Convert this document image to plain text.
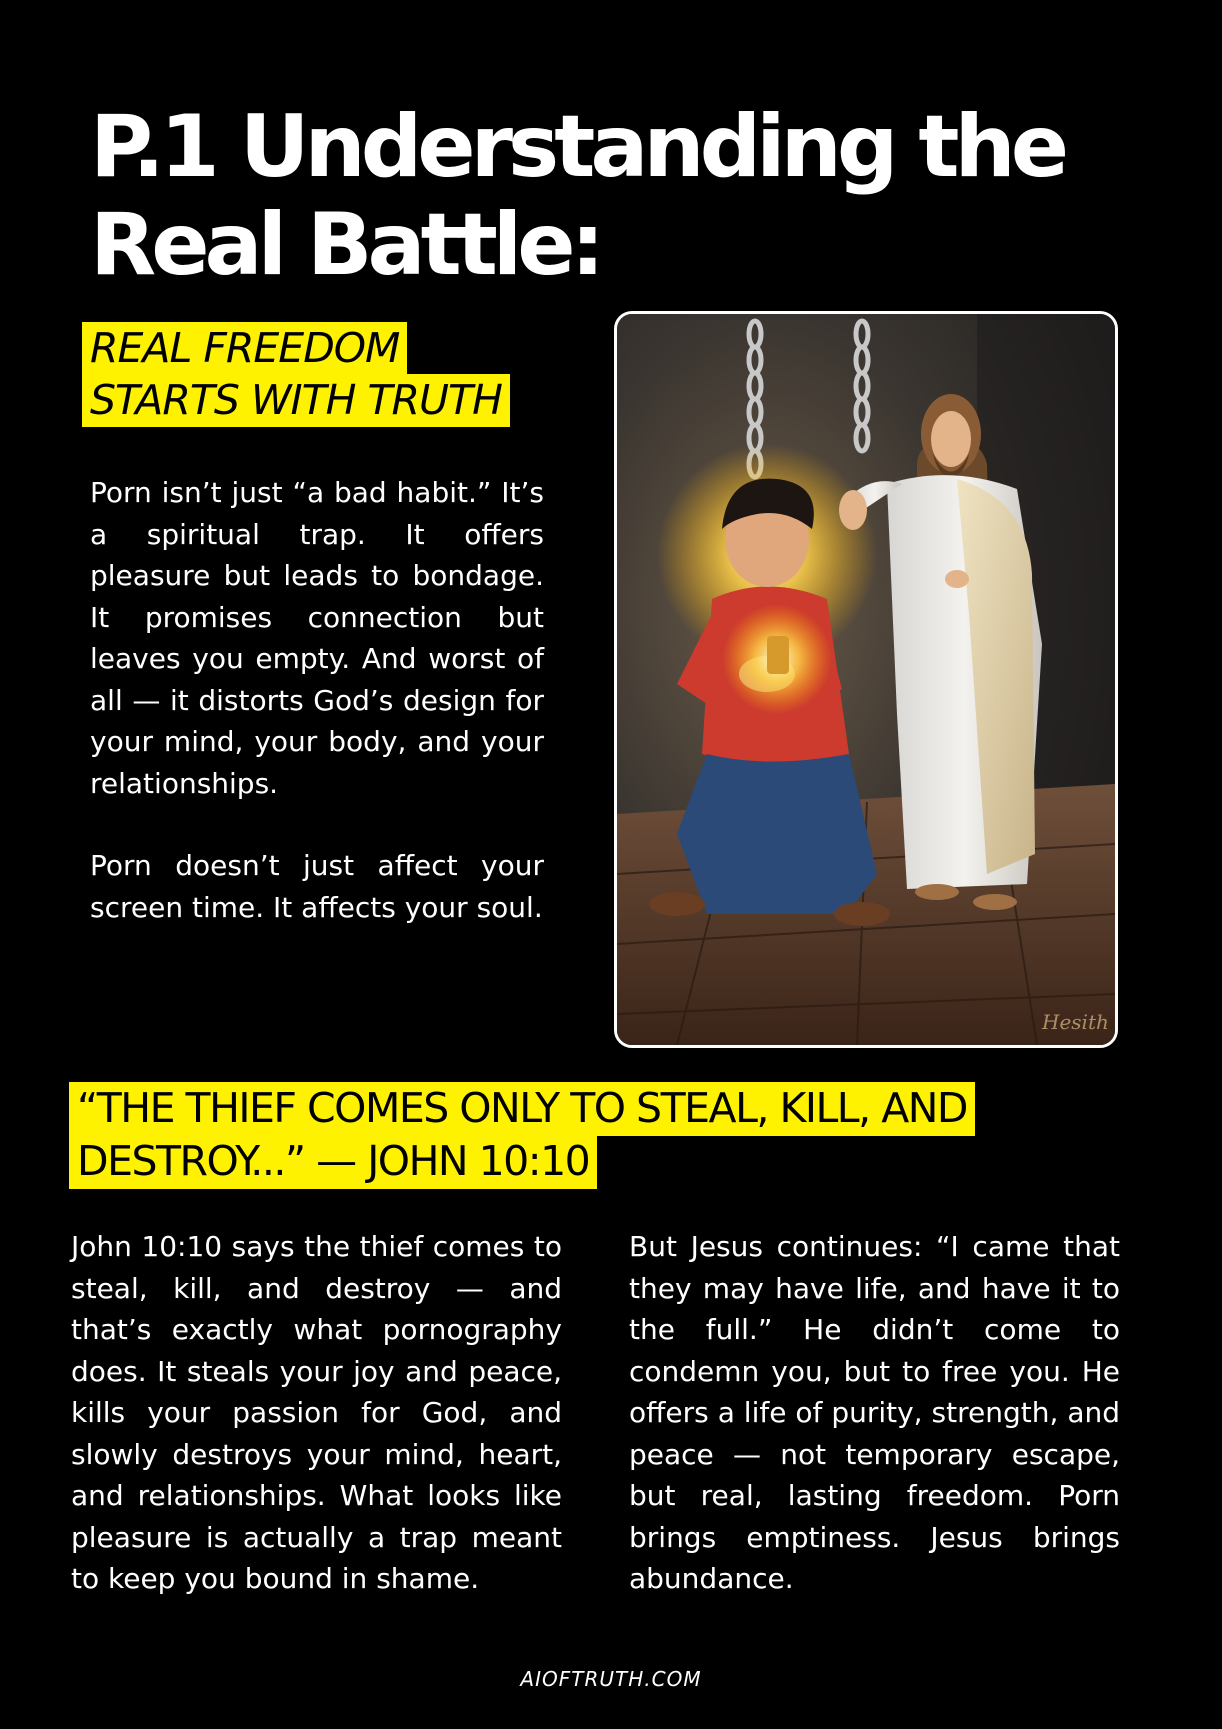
P.1 Understanding the Real Battle:
REAL FREEDOM
STARTS WITH TRUTH

Porn isn’t just “a bad habit.” It’s a spiritual trap. It offers pleasure but leads to bondage. It promises connection but leaves you empty. And worst of all — it distorts God’s design for your mind, your body, and your relationships.

Porn doesn’t just affect your screen time. It affects your soul.

Hesith
“THE THIEF COMES ONLY TO STEAL, KILL, AND
DESTROY...” — JOHN 10:10

John 10:10 says the thief comes to steal, kill, and destroy — and that’s exactly what pornography does. It steals your joy and peace, kills your passion for God, and slowly destroys your mind, heart, and relationships. What looks like pleasure is actually a trap meant to keep you bound in shame.

But Jesus continues: “I came that they may have life, and have it to the full.” He didn’t come to condemn you, but to free you. He offers a life of purity, strength, and peace — not temporary escape, but real, lasting freedom. Porn brings emptiness. Jesus brings abundance.

AIOFTRUTH.COM
